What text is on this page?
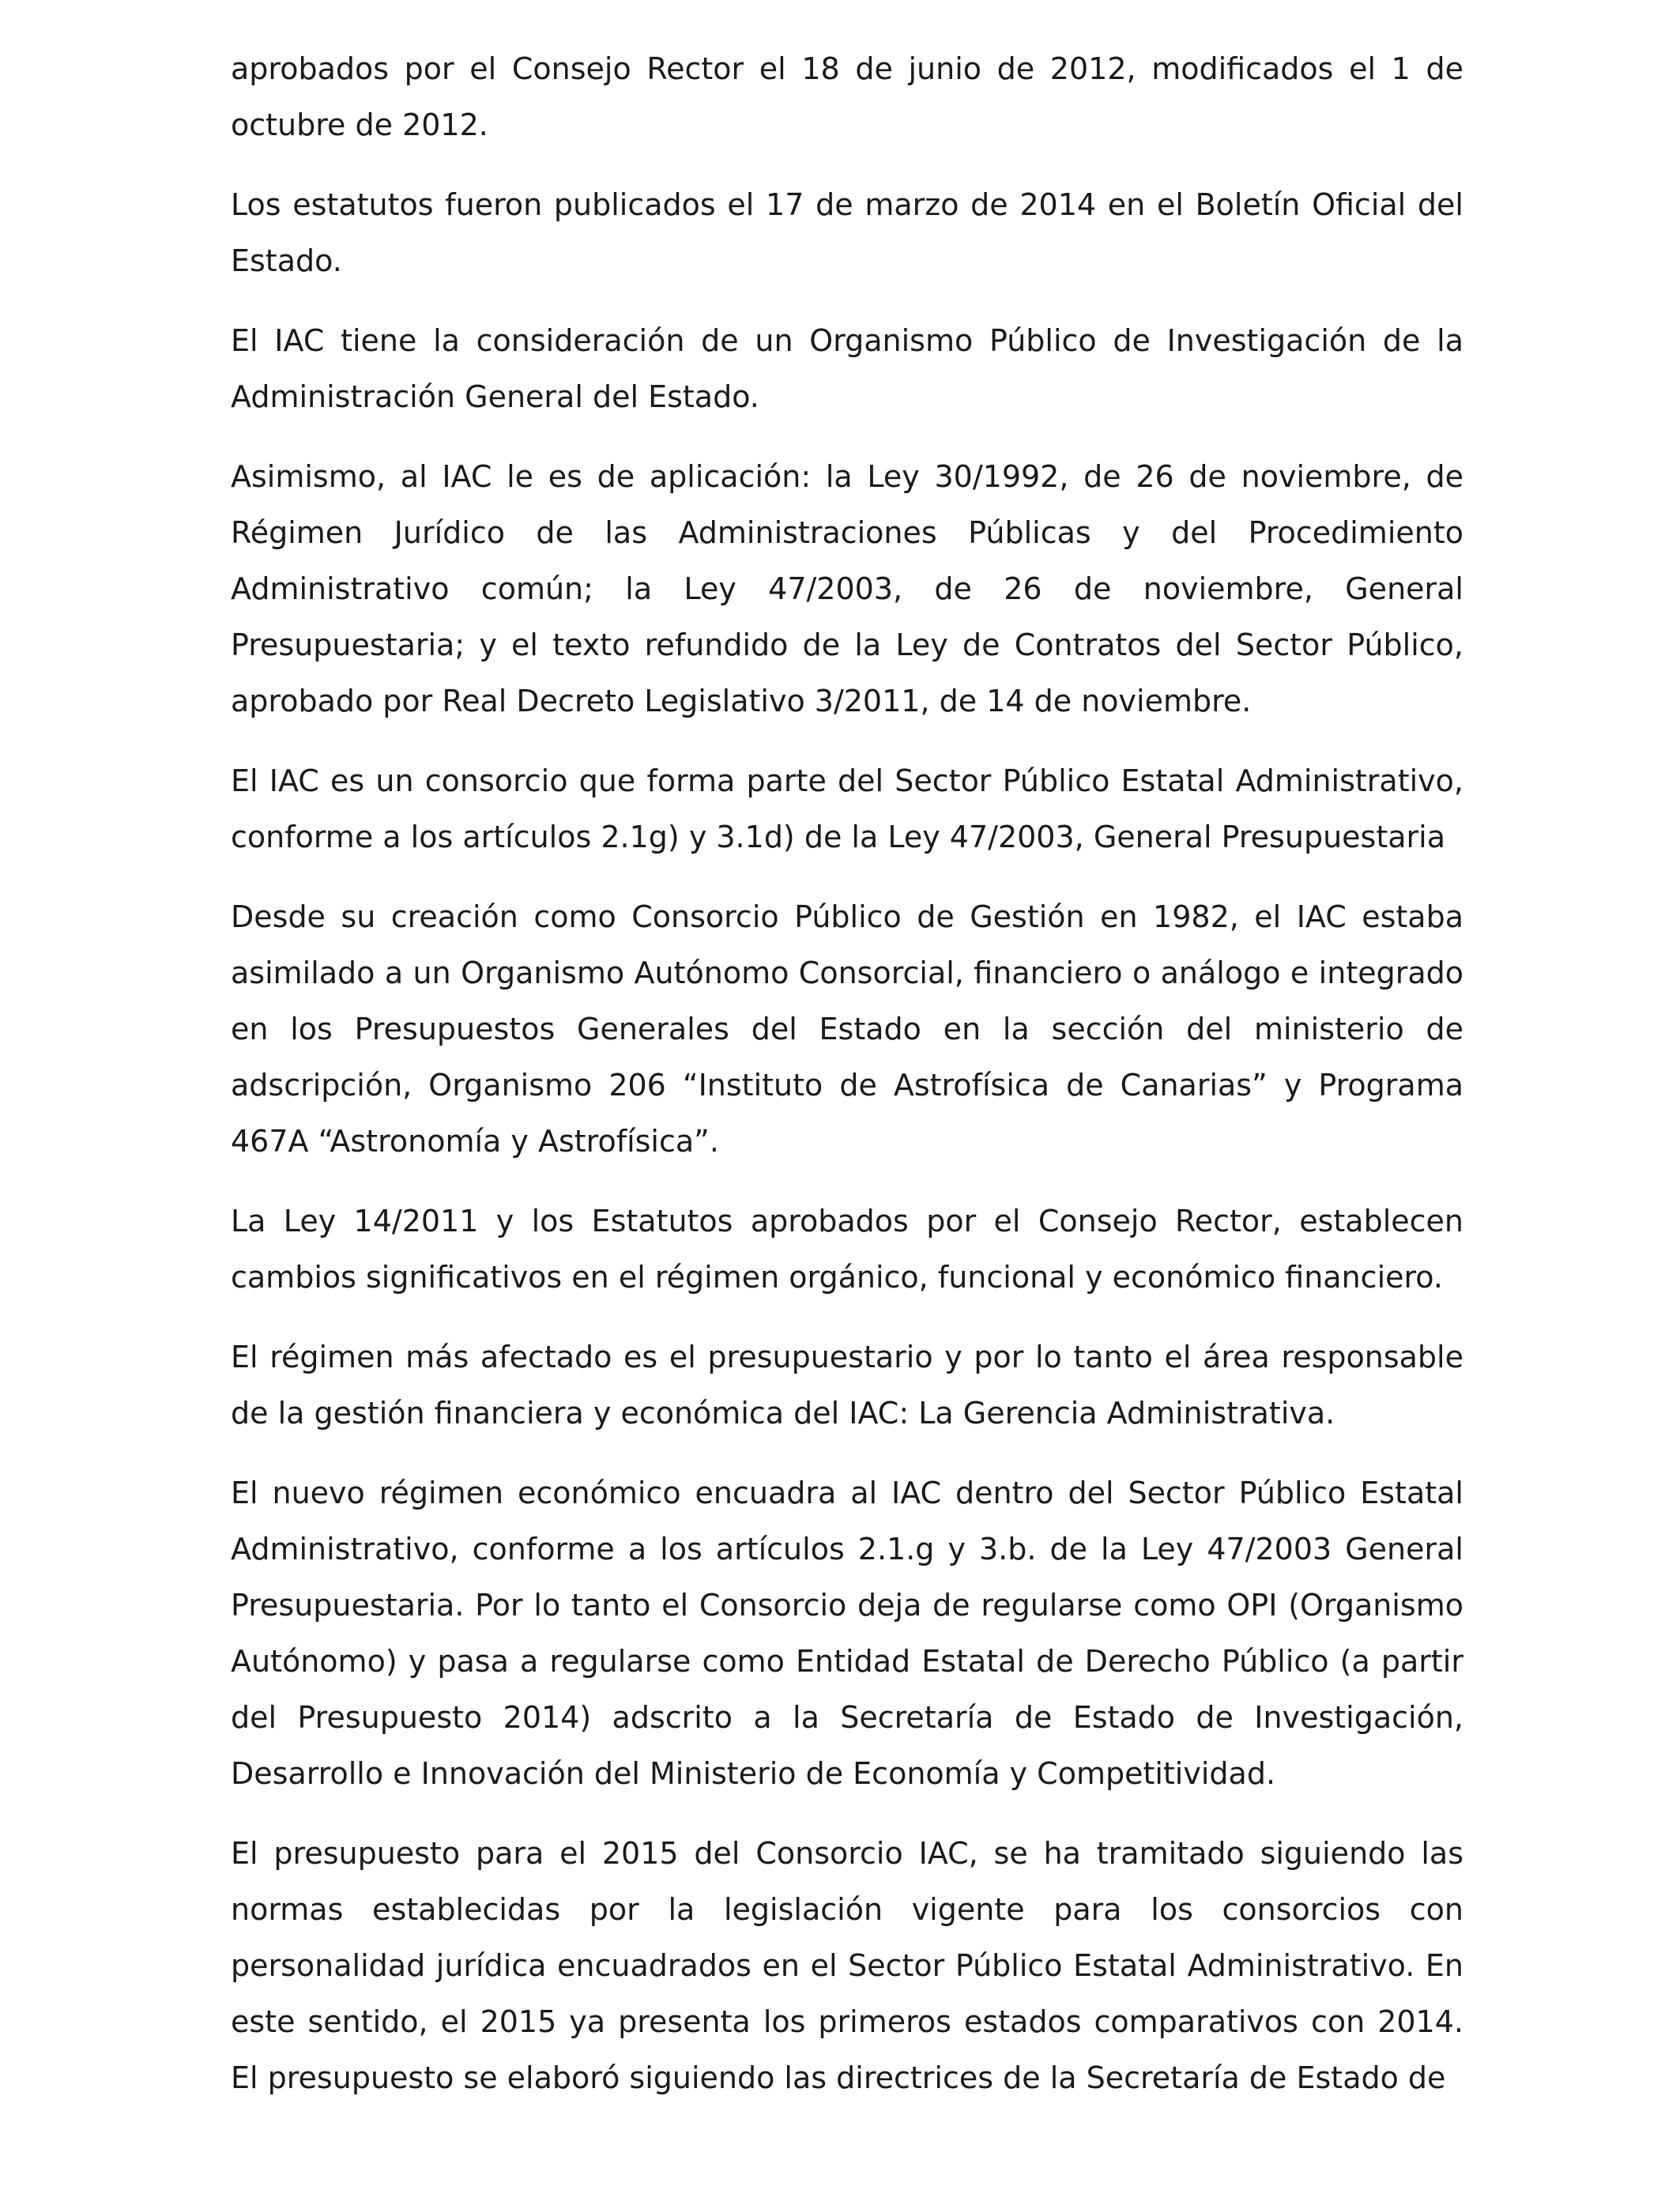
aprobados por el Consejo Rector el 18 de junio de 2012, modificados el 1 de octubre de 2012.

Los estatutos fueron publicados el 17 de marzo de 2014 en el Boletín Oficial del Estado.

El IAC tiene la consideración de un Organismo Público de Investigación de la Administración General del Estado.

Asimismo, al IAC le es de aplicación: la Ley 30/1992, de 26 de noviembre, de Régimen Jurídico de las Administraciones Públicas y del Procedimiento Administrativo común; la Ley 47/2003, de 26 de noviembre, General Presupuestaria; y el texto refundido de la Ley de Contratos del Sector Público, aprobado por Real Decreto Legislativo 3/2011, de 14 de noviembre.

El IAC es un consorcio que forma parte del Sector Público Estatal Administrativo, conforme a los artículos 2.1g) y 3.1d) de la Ley 47/2003, General Presupuestaria

Desde su creación como Consorcio Público de Gestión en 1982, el IAC estaba asimilado a un Organismo Autónomo Consorcial, financiero o análogo e integrado en los Presupuestos Generales del Estado en la sección del ministerio de adscripción, Organismo 206 “Instituto de Astrofísica de Canarias” y Programa 467A “Astronomía y Astrofísica”.

La Ley 14/2011 y los Estatutos aprobados por el Consejo Rector, establecen cambios significativos en el régimen orgánico, funcional y económico financiero.

El régimen más afectado es el presupuestario y por lo tanto el área responsable de la gestión financiera y económica del IAC: La Gerencia Administrativa.

El nuevo régimen económico encuadra al IAC dentro del Sector Público Estatal Administrativo, conforme a los artículos 2.1.g y 3.b. de la Ley 47/2003 General Presupuestaria. Por lo tanto el Consorcio deja de regularse como OPI (Organismo Autónomo) y pasa a regularse como Entidad Estatal de Derecho Público (a partir del Presupuesto 2014) adscrito a la Secretaría de Estado de Investigación, Desarrollo e Innovación del Ministerio de Economía y Competitividad.

El presupuesto para el 2015 del Consorcio IAC, se ha tramitado siguiendo las normas establecidas por la legislación vigente para los consorcios con personalidad jurídica encuadrados en el Sector Público Estatal Administrativo. En este sentido, el 2015 ya presenta los primeros estados comparativos con 2014. El presupuesto se elaboró siguiendo las directrices de la Secretaría de Estado de
